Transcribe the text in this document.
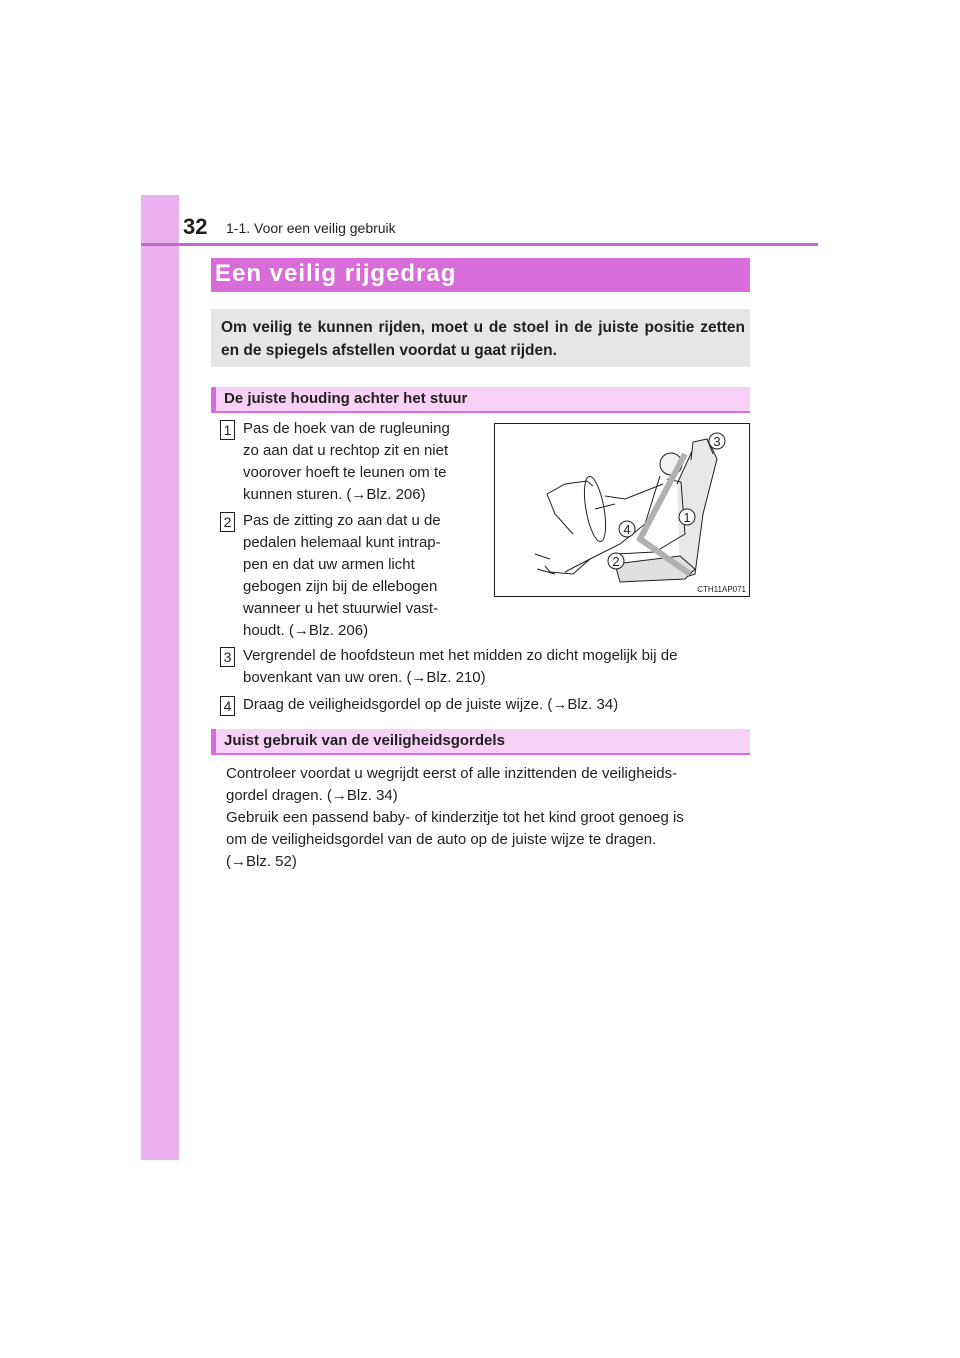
32 1-1. Voor een veilig gebruik
Een veilig rijgedrag

Om veilig te kunnen rijden, moet u de stoel in de juiste positie zetten en de spiegels afstellen voordat u gaat rijden.

De juiste houding achter het stuur
1 Pas de hoek van de rugleuning
zo aan dat u rechtop zit en niet
voorover hoeft te leunen om te
kunnen sturen. (→Blz. 206)
2 Pas de zitting zo aan dat u de
pedalen helemaal kunt intrap-
pen en dat uw armen licht
gebogen zijn bij de ellebogen
wanneer u het stuurwiel vast-
houdt. (→Blz. 206)
3 Vergrendel de hoofdsteun met het midden zo dicht mogelijk bij de
bovenkant van uw oren. (→Blz. 210)
4 Draag de veiligheidsgordel op de juiste wijze. (→Blz. 34)
3
1
4
2
CTH11AP071
Juist gebruik van de veiligheidsgordels
Controleer voordat u wegrijdt eerst of alle inzittenden de veiligheids-
gordel dragen. (→Blz. 34)
Gebruik een passend baby- of kinderzitje tot het kind groot genoeg is
om de veiligheidsgordel van de auto op de juiste wijze te dragen.
(→Blz. 52)
